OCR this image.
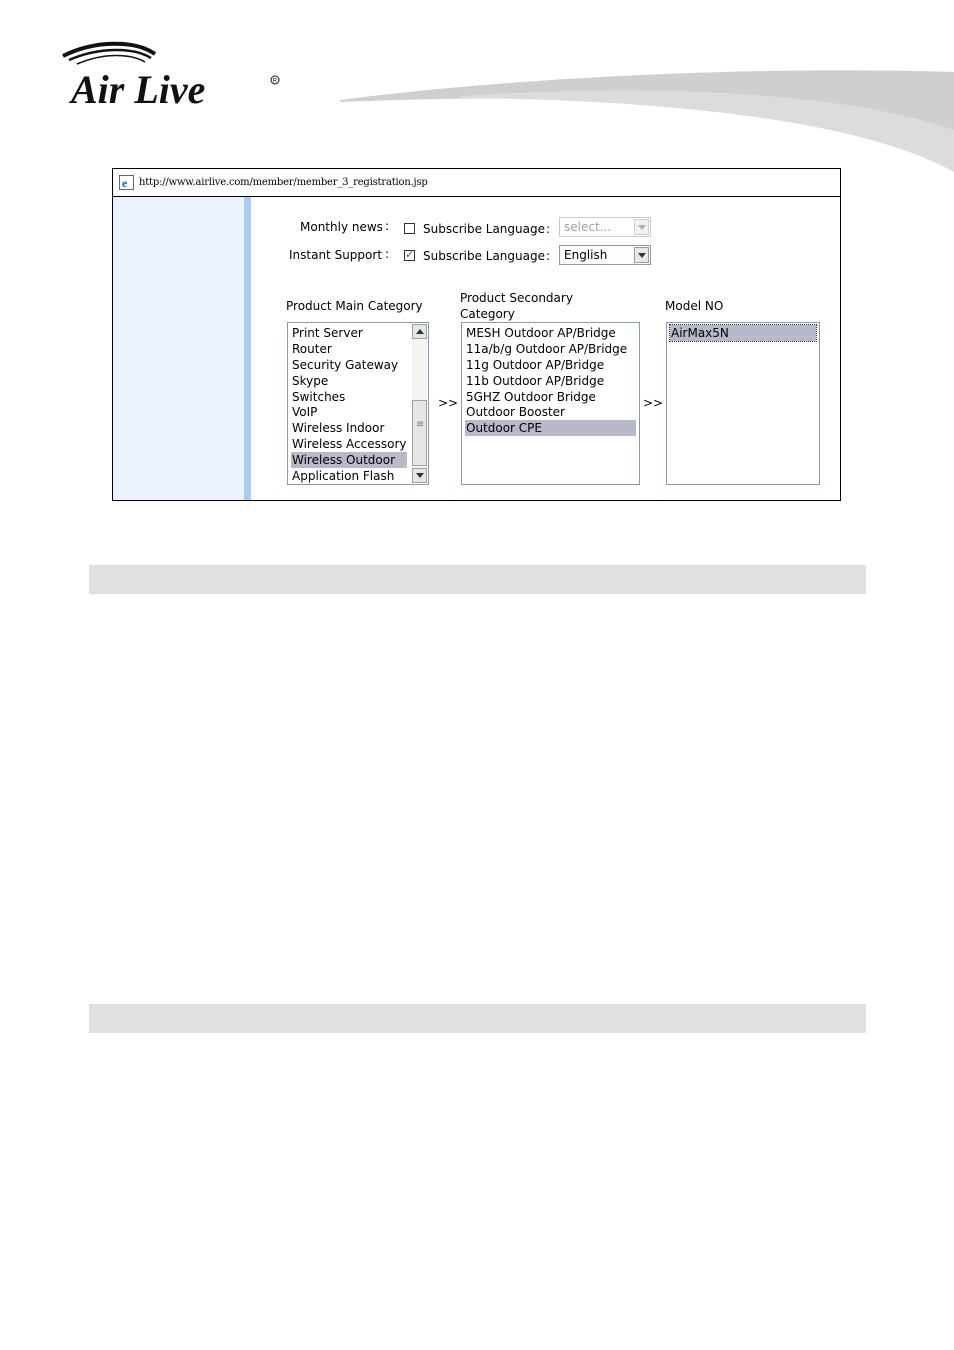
Air Live	R
e http://www.airlive.com/member/member_3_registration.jsp
Monthly news :	Subscribe Language : select...
Instant Support :
✓	Subscribe Language : English
Product Main Category
Product Secondary
Category
Model NO
Print Server
Router
Security Gateway
Skype
Switches
VoIP
Wireless Indoor
Wireless Accessory
Wireless Outdoor
Application Flash
≡
>>
MESH Outdoor AP/Bridge
11a/b/g Outdoor AP/Bridge
11g Outdoor AP/Bridge
11b Outdoor AP/Bridge
5GHZ Outdoor Bridge
Outdoor Booster
Outdoor CPE
>>
AirMax5N
